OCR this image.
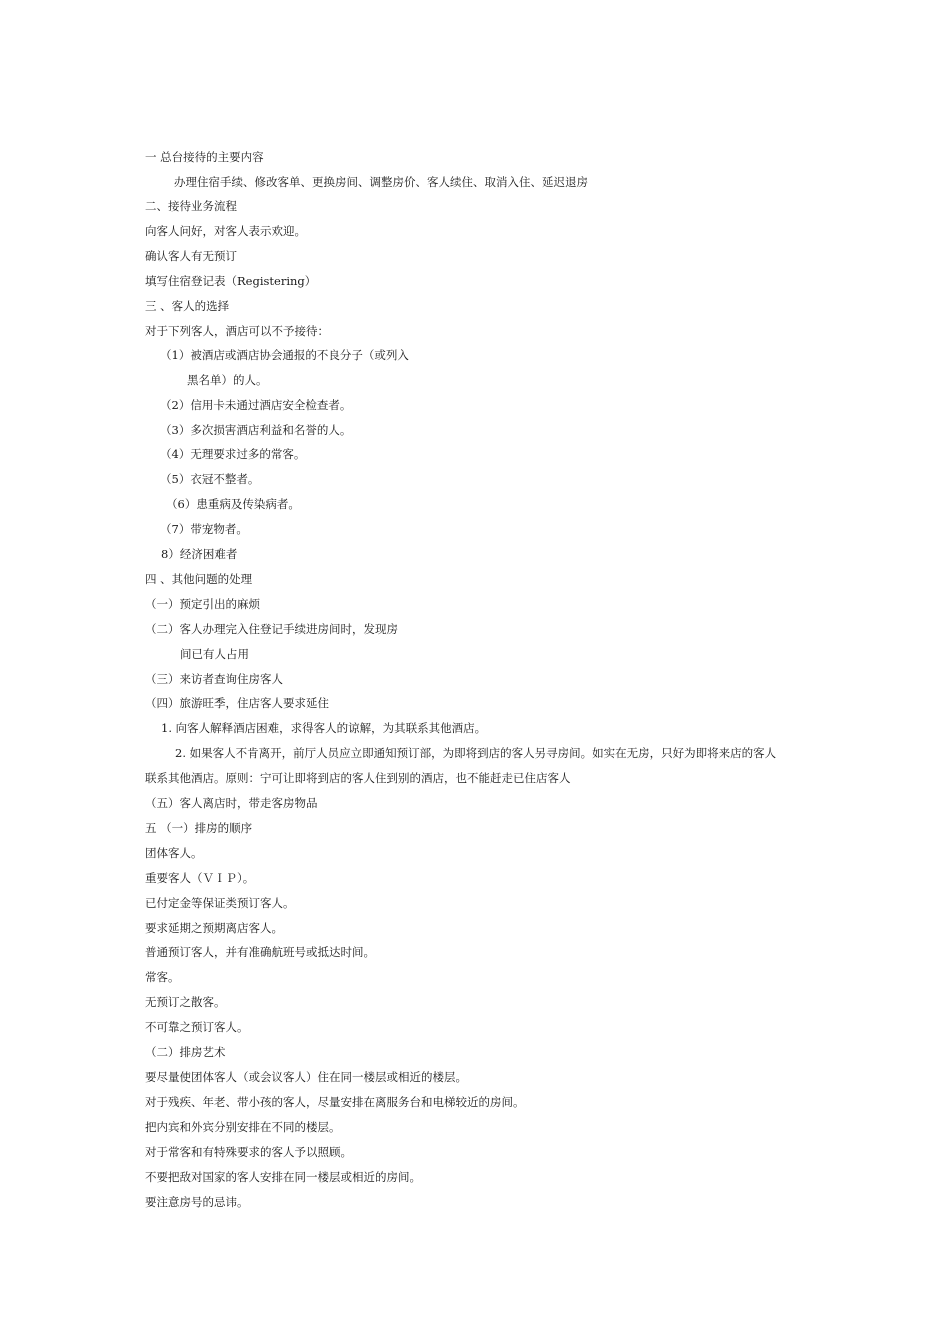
一 总台接待的主要内容
办理住宿手续、修改客单、更换房间、调整房价、客人续住、取消入住、延迟退房
二、接待业务流程
向客人问好，对客人表示欢迎。
确认客人有无预订
填写住宿登记表（Registering）
三 、客人的选择
对于下列客人，酒店可以不予接待：
（1）被酒店或酒店协会通报的不良分子（或列入
黑名单）的人。
（2）信用卡未通过酒店安全检查者。
（3）多次损害酒店利益和名誉的人。
（4）无理要求过多的常客。
（5）衣冠不整者。
（6）患重病及传染病者。
（7）带宠物者。
8）经济困难者
四 、其他问题的处理
（一）预定引出的麻烦
（二）客人办理完入住登记手续进房间时，发现房
间已有人占用
（三）来访者查询住房客人
（四）旅游旺季，住店客人要求延住
1. 向客人解释酒店困难，求得客人的谅解，为其联系其他酒店。
2. 如果客人不肯离开，前厅人员应立即通知预订部，为即将到店的客人另寻房间。如实在无房，只好为即将来店的客人
联系其他酒店。原则：宁可让即将到店的客人住到别的酒店，也不能赶走已住店客人
（五）客人离店时，带走客房物品
五 （一）排房的顺序
团体客人。
重要客人（ＶＩＰ）。
已付定金等保证类预订客人。
要求延期之预期离店客人。
普通预订客人，并有准确航班号或抵达时间。
常客。
无预订之散客。
不可靠之预订客人。
（二）排房艺术
要尽量使团体客人（或会议客人）住在同一楼层或相近的楼层。
对于残疾、年老、带小孩的客人，尽量安排在离服务台和电梯较近的房间。
把内宾和外宾分别安排在不同的楼层。
对于常客和有特殊要求的客人予以照顾。
不要把敌对国家的客人安排在同一楼层或相近的房间。
要注意房号的忌讳。
